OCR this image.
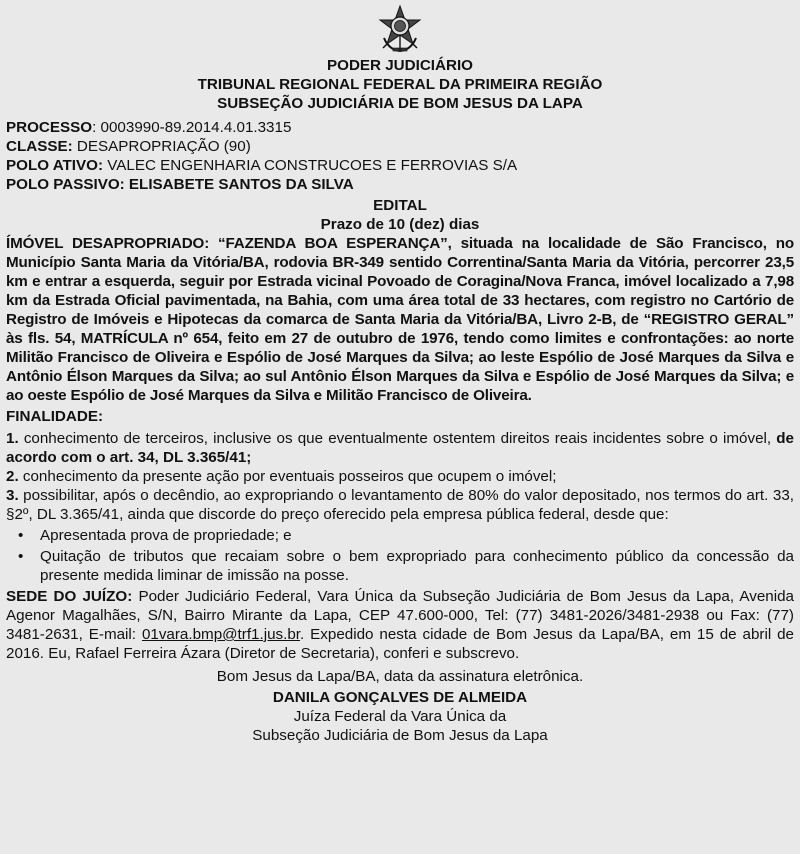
PODER JUDICIÁRIO
TRIBUNAL REGIONAL FEDERAL DA PRIMEIRA REGIÃO
SUBSEÇÃO JUDICIÁRIA DE BOM JESUS DA LAPA
PROCESSO: 0003990-89.2014.4.01.3315
CLASSE: DESAPROPRIAÇÃO (90)
POLO ATIVO: VALEC ENGENHARIA CONSTRUCOES E FERROVIAS S/A
POLO PASSIVO: ELISABETE SANTOS DA SILVA
EDITAL
Prazo de 10 (dez) dias

ÍMÓVEL DESAPROPRIADO: “FAZENDA BOA ESPERANÇA”, situada na localidade de São Francisco, no Município Santa Maria da Vitória/BA, rodovia BR-349 sentido Correntina/Santa Maria da Vitória, percorrer 23,5 km e entrar a esquerda, seguir por Estrada vicinal Povoado de Coragina/Nova Franca, imóvel localizado a 7,98 km da Estrada Oficial pavimentada, na Bahia, com uma área total de 33 hectares, com registro no Cartório de Registro de Imóveis e Hipotecas da comarca de Santa Maria da Vitória/BA, Livro 2-B, de “REGISTRO GERAL” às fls. 54, MATRÍCULA nº 654, feito em 27 de outubro de 1976, tendo como limites e confrontações: ao norte Militão Francisco de Oliveira e Espólio de José Marques da Silva; ao leste Espólio de José Marques da Silva e Antônio Élson Marques da Silva; ao sul Antônio Élson Marques da Silva e Espólio de José Marques da Silva; e ao oeste Espólio de José Marques da Silva e Militão Francisco de Oliveira.

FINALIDADE:

1. conhecimento de terceiros, inclusive os que eventualmente ostentem direitos reais incidentes sobre o imóvel, de acordo com o art. 34, DL 3.365/41;

2. conhecimento da presente ação por eventuais posseiros que ocupem o imóvel;

3. possibilitar, após o decêndio, ao expropriando o levantamento de 80% do valor depositado, nos termos do art. 33, §2º, DL 3.365/41, ainda que discorde do preço oferecido pela empresa pública federal, desde que:

• Apresentada prova de propriedade; e
• Quitação de tributos que recaiam sobre o bem expropriado para conhecimento público da concessão da presente medida liminar de imissão na posse.

SEDE DO JUÍZO: Poder Judiciário Federal, Vara Única da Subseção Judiciária de Bom Jesus da Lapa, Avenida Agenor Magalhães, S/N, Bairro Mirante da Lapa, CEP 47.600-000, Tel: (77) 3481-2026/3481-2938 ou Fax: (77) 3481-2631, E-mail: 01vara.bmp@trf1.jus.br. Expedido nesta cidade de Bom Jesus da Lapa/BA, em 15 de abril de 2016. Eu, Rafael Ferreira Ázara (Diretor de Secretaria), conferi e subscrevo.

Bom Jesus da Lapa/BA, data da assinatura eletrônica.
DANILA GONÇALVES DE ALMEIDA
Juíza Federal da Vara Única da
Subseção Judiciária de Bom Jesus da Lapa
